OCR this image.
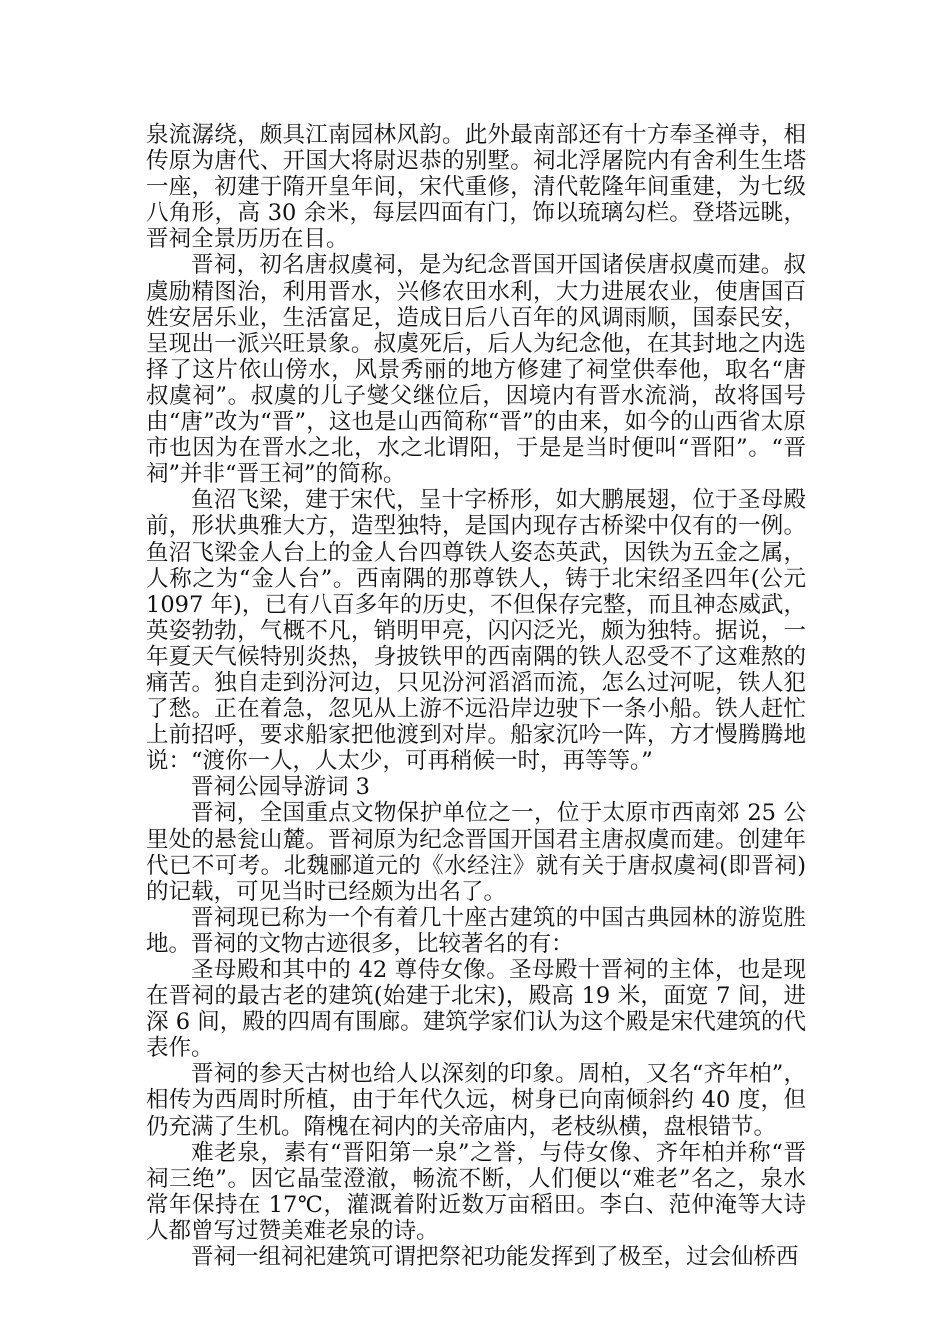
泉流潺绕，颇具江南园林风韵。此外最南部还有十方奉圣禅寺，相传原为唐代、开国大将尉迟恭的别墅。祠北浮屠院内有舍利生生塔一座，初建于隋开皇年间，宋代重修，清代乾隆年间重建，为七级八角形，高 30 余米，每层四面有门，饰以琉璃勾栏。登塔远眺，晋祠全景历历在目。

晋祠，初名唐叔虞祠，是为纪念晋国开国诸侯唐叔虞而建。叔虞励精图治，利用晋水，兴修农田水利，大力进展农业，使唐国百姓安居乐业，生活富足，造成日后八百年的风调雨顺，国泰民安，呈现出一派兴旺景象。叔虞死后，后人为纪念他，在其封地之内选择了这片依山傍水，风景秀丽的地方修建了祠堂供奉他，取名“唐叔虞祠”。叔虞的儿子燮父继位后，因境内有晋水流淌，故将国号由“唐”改为“晋”，这也是山西简称“晋”的由来，如今的山西省太原市也因为在晋水之北，水之北谓阳，于是是当时便叫“晋阳”。“晋祠”并非“晋王祠”的简称。

鱼沼飞梁，建于宋代，呈十字桥形，如大鹏展翅，位于圣母殿前，形状典雅大方，造型独特，是国内现存古桥梁中仅有的一例。鱼沼飞梁金人台上的金人台四尊铁人姿态英武，因铁为五金之属，人称之为“金人台”。西南隅的那尊铁人，铸于北宋绍圣四年(公元 1097 年)，已有八百多年的历史，不但保存完整，而且神态威武，英姿勃勃，气概不凡，销明甲亮，闪闪泛光，颇为独特。据说，一年夏天气候特别炎热，身披铁甲的西南隅的铁人忍受不了这难熬的痛苦。独自走到汾河边，只见汾河滔滔而流，怎么过河呢，铁人犯了愁。正在着急，忽见从上游不远沿岸边驶下一条小船。铁人赶忙上前招呼，要求船家把他渡到对岸。船家沉吟一阵，方才慢腾腾地说：“渡你一人，人太少，可再稍候一时，再等等。”

晋祠公园导游词 3

晋祠，全国重点文物保护单位之一，位于太原市西南郊 25 公里处的悬瓮山麓。晋祠原为纪念晋国开国君主唐叔虞而建。创建年代已不可考。北魏郦道元的《水经注》就有关于唐叔虞祠(即晋祠)的记载，可见当时已经颇为出名了。

晋祠现已称为一个有着几十座古建筑的中国古典园林的游览胜地。晋祠的文物古迹很多，比较著名的有：

圣母殿和其中的 42 尊侍女像。圣母殿十晋祠的主体，也是现在晋祠的最古老的建筑(始建于北宋)，殿高 19 米，面宽 7 间，进深 6 间，殿的四周有围廊。建筑学家们认为这个殿是宋代建筑的代表作。

晋祠的参天古树也给人以深刻的印象。周柏，又名“齐年柏”，相传为西周时所植，由于年代久远，树身已向南倾斜约 40 度，但仍充满了生机。隋槐在祠内的关帝庙内，老枝纵横，盘根错节。

难老泉，素有“晋阳第一泉”之誉，与侍女像、齐年柏并称“晋祠三绝”。因它晶莹澄澈，畅流不断，人们便以“难老”名之，泉水常年保持在 17℃，灌溉着附近数万亩稻田。李白、范仲淹等大诗人都曾写过赞美难老泉的诗。

晋祠一组祠祀建筑可谓把祭祀功能发挥到了极至，过会仙桥西
